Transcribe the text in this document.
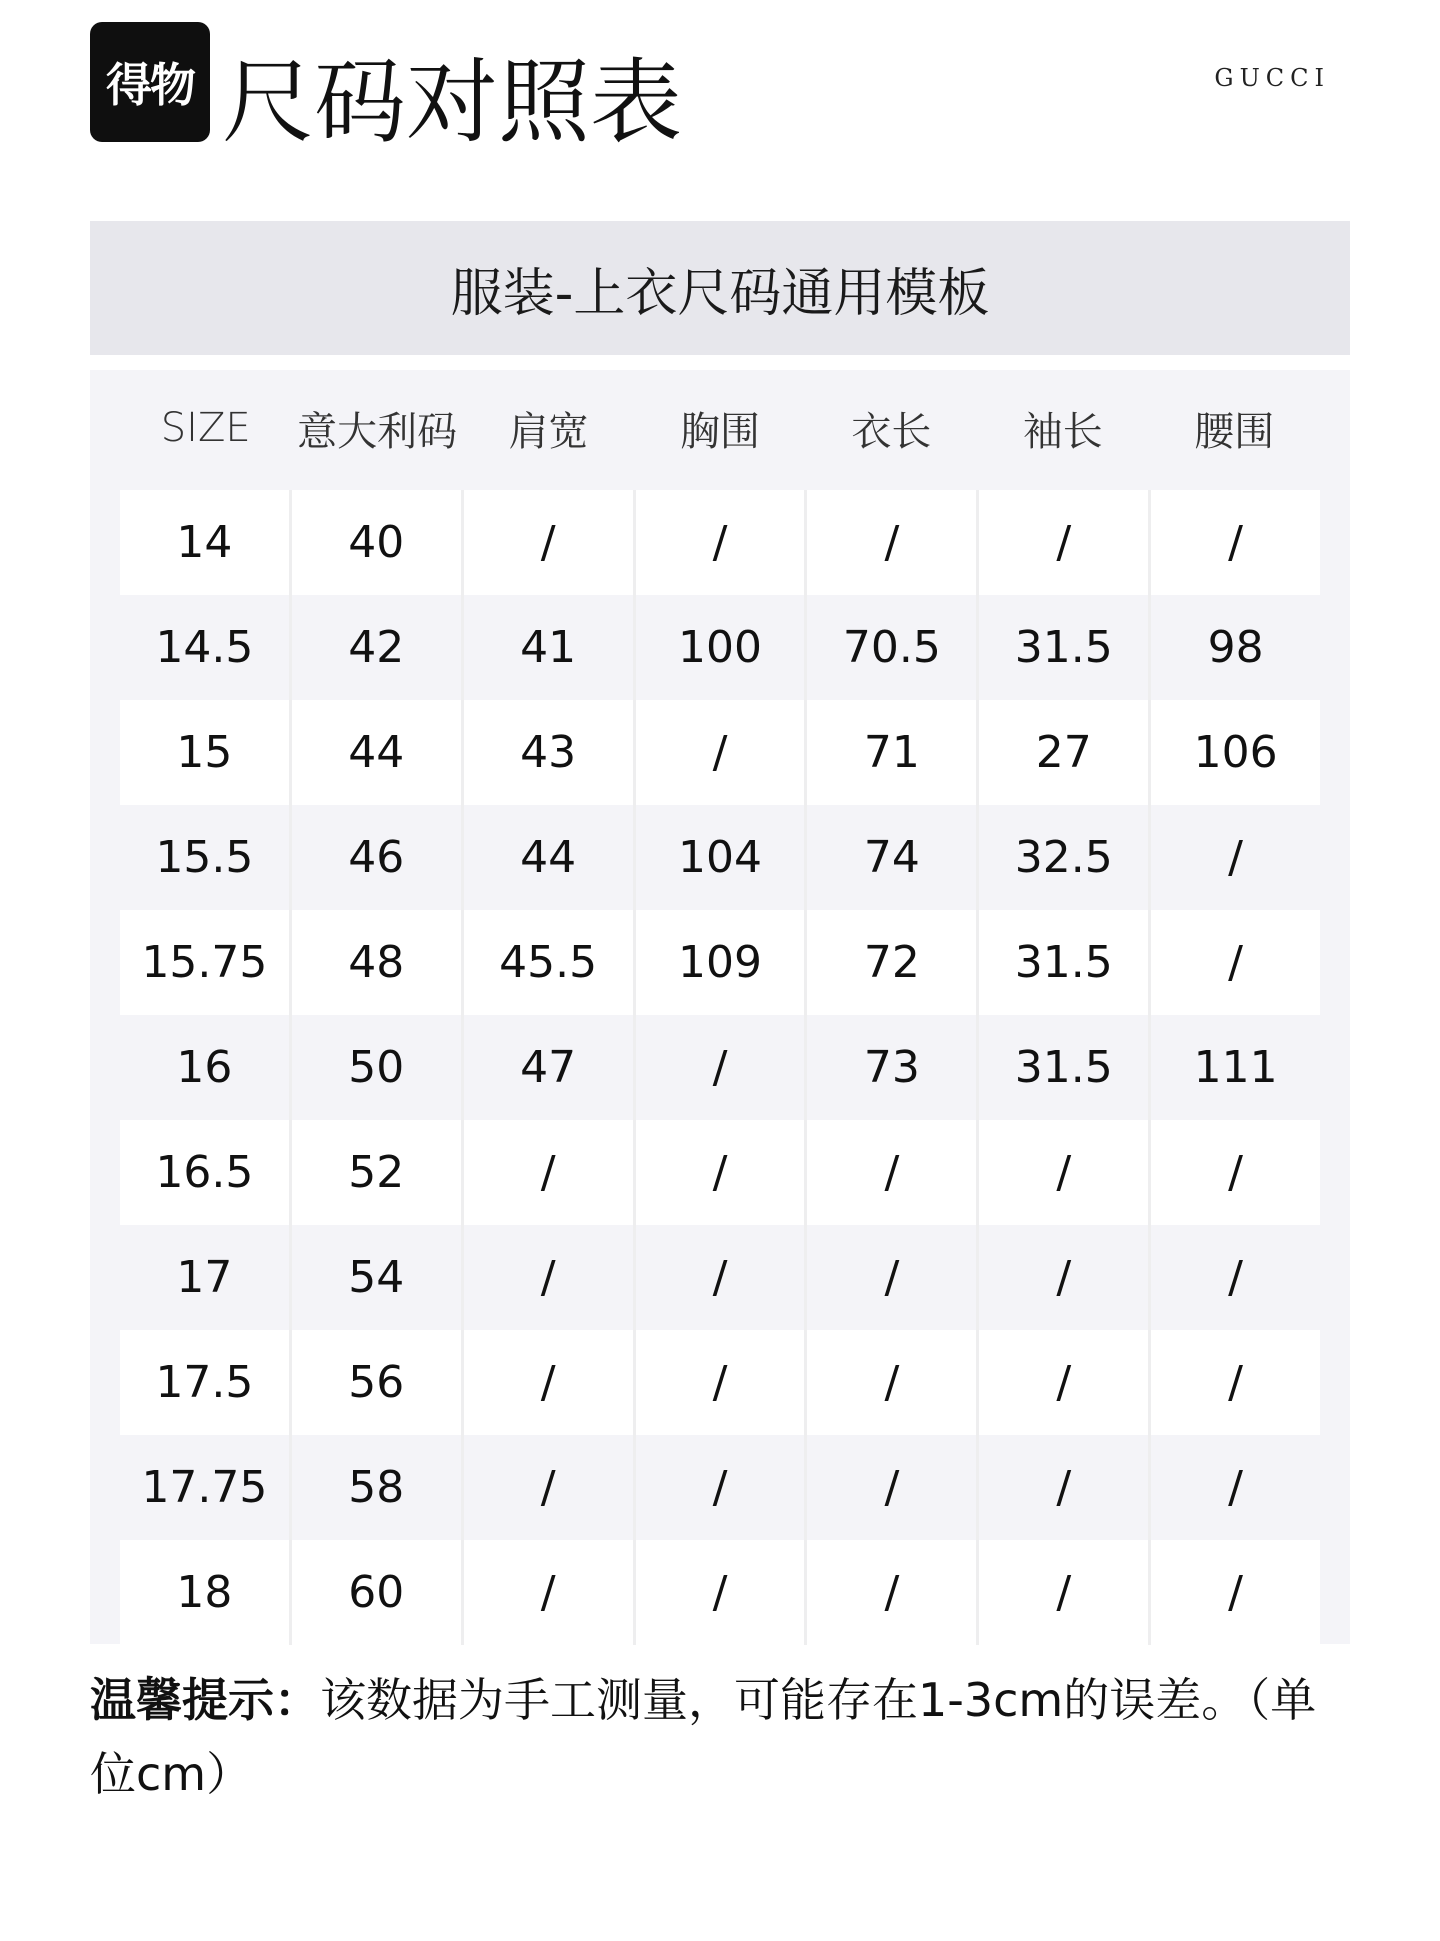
得物 尺码对照表	GUCCI
服装-上衣尺码通用模板
SIZE	意大利码	肩宽	胸围	衣长	袖长	腰围
14	40	/	/	/	/	/
14.5	42	41	100	70.5	31.5	98
15	44	43	/	71	27	106
15.5	46	44	104	74	32.5	/
15.75	48	45.5	109	72	31.5	/
16	50	47	/	73	31.5	111
16.5	52	/	/	/	/	/
17	54	/	/	/	/	/
17.5	56	/	/	/	/	/
17.75	58	/	/	/	/	/
18	60	/	/	/	/	/
温馨提示：该数据为手工测量，可能存在1-3cm的误差。（单位cm）
